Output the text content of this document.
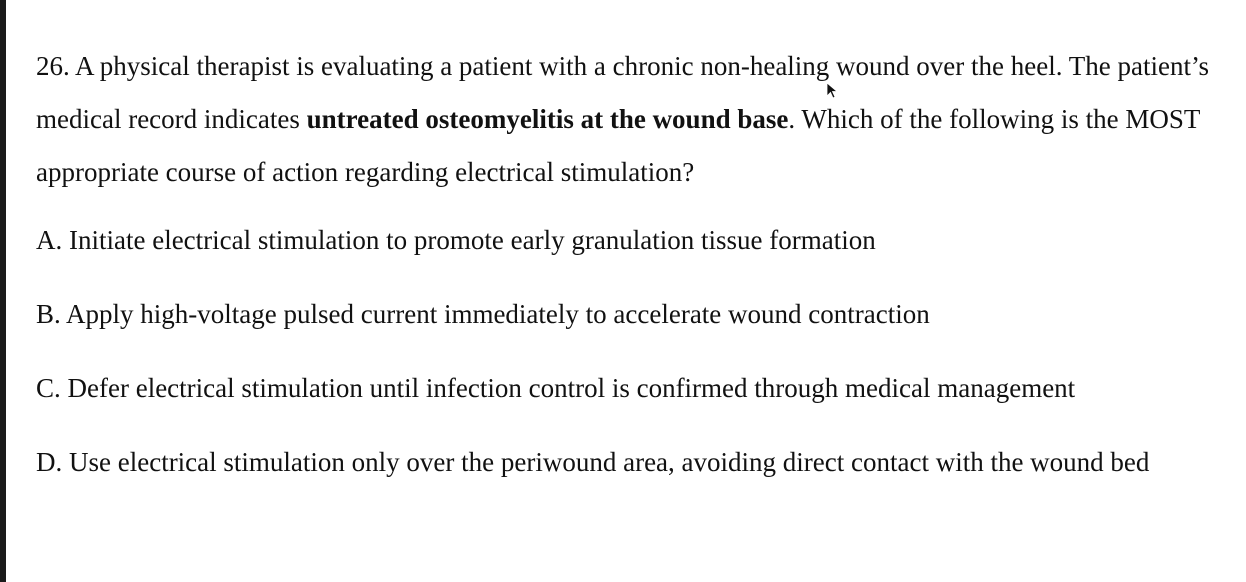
26. A physical therapist is evaluating a patient with a chronic non-healing wound over the heel. The patient’s medical record indicates untreated osteomyelitis at the wound base. Which of the following is the MOST appropriate course of action regarding electrical stimulation?

A. Initiate electrical stimulation to promote early granulation tissue formation

B. Apply high-voltage pulsed current immediately to accelerate wound contraction

C. Defer electrical stimulation until infection control is confirmed through medical management

D. Use electrical stimulation only over the periwound area, avoiding direct contact with the wound bed
